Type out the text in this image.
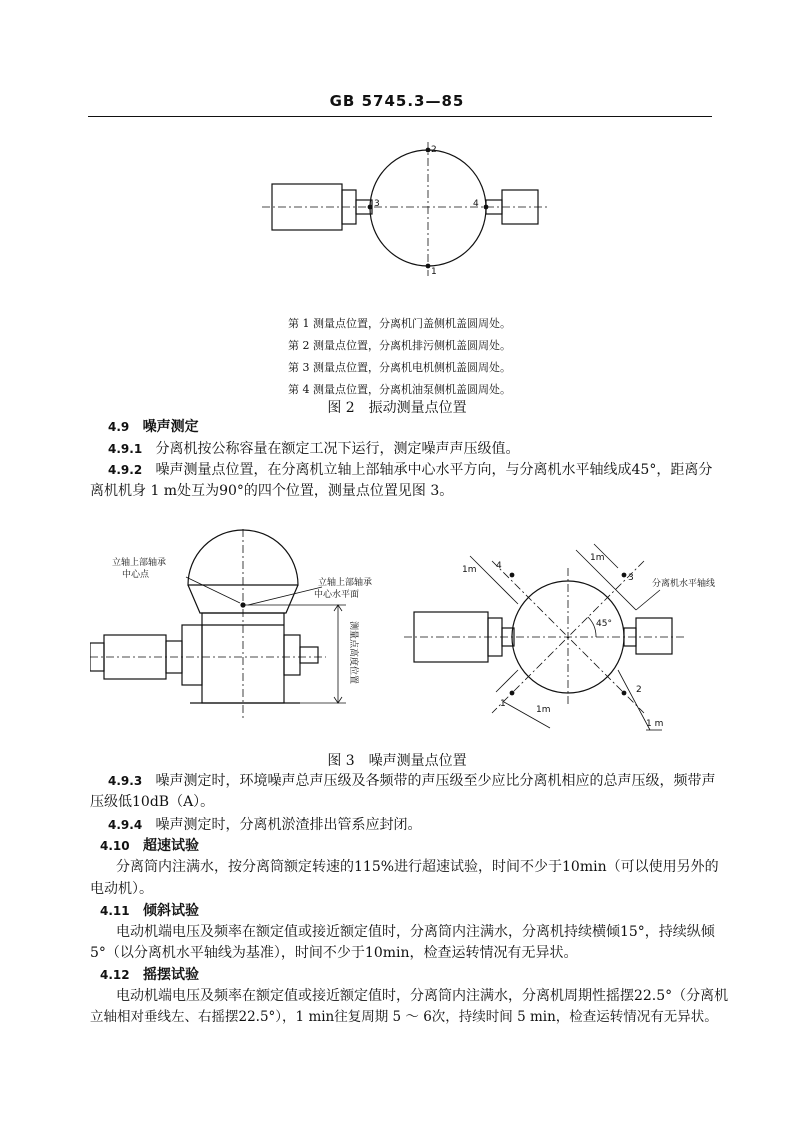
GB 5745.3—85
2
1
3	4
第 1 测量点位置，分离机门盖侧机盖圆周处。
第 2 测量点位置，分离机排污侧机盖圆周处。
第 3 测量点位置，分离机电机侧机盖圆周处。
第 4 测量点位置，分离机油泵侧机盖圆周处。
图 2　振动测量点位置
4.9 噪声测定
4.9.1 分离机按公称容量在额定工况下运行，测定噪声声压级值。
4.9.2 噪声测量点位置，在分离机立轴上部轴承中心水平方向，与分离机水平轴线成45°，距离分
离机机身 1 m处互为90°的四个位置，测量点位置见图 3。
立轴上部轴承
中心点
立轴上部轴承
中心水平面
测量点高度位置
4
3
1
2
45°
1m
1m
1m
1 m
分离机水平轴线
图 3　噪声测量点位置
4.9.3 噪声测定时，环境噪声总声压级及各频带的声压级至少应比分离机相应的总声压级，频带声
压级低10dB（A）。
4.9.4 噪声测定时，分离机淤渣排出管系应封闭。
4.10 超速试验
分离筒内注满水，按分离筒额定转速的115%进行超速试验，时间不少于10min（可以使用另外的
电动机）。
4.11 倾斜试验
电动机端电压及频率在额定值或接近额定值时，分离筒内注满水，分离机持续横倾15°，持续纵倾
5°（以分离机水平轴线为基准），时间不少于10min，检查运转情况有无异状。
4.12 摇摆试验
电动机端电压及频率在额定值或接近额定值时，分离筒内注满水，分离机周期性摇摆22.5°（分离机
立轴相对垂线左、右摇摆22.5°），1 min往复周期 5 ～ 6次，持续时间 5 min，检查运转情况有无异状。
